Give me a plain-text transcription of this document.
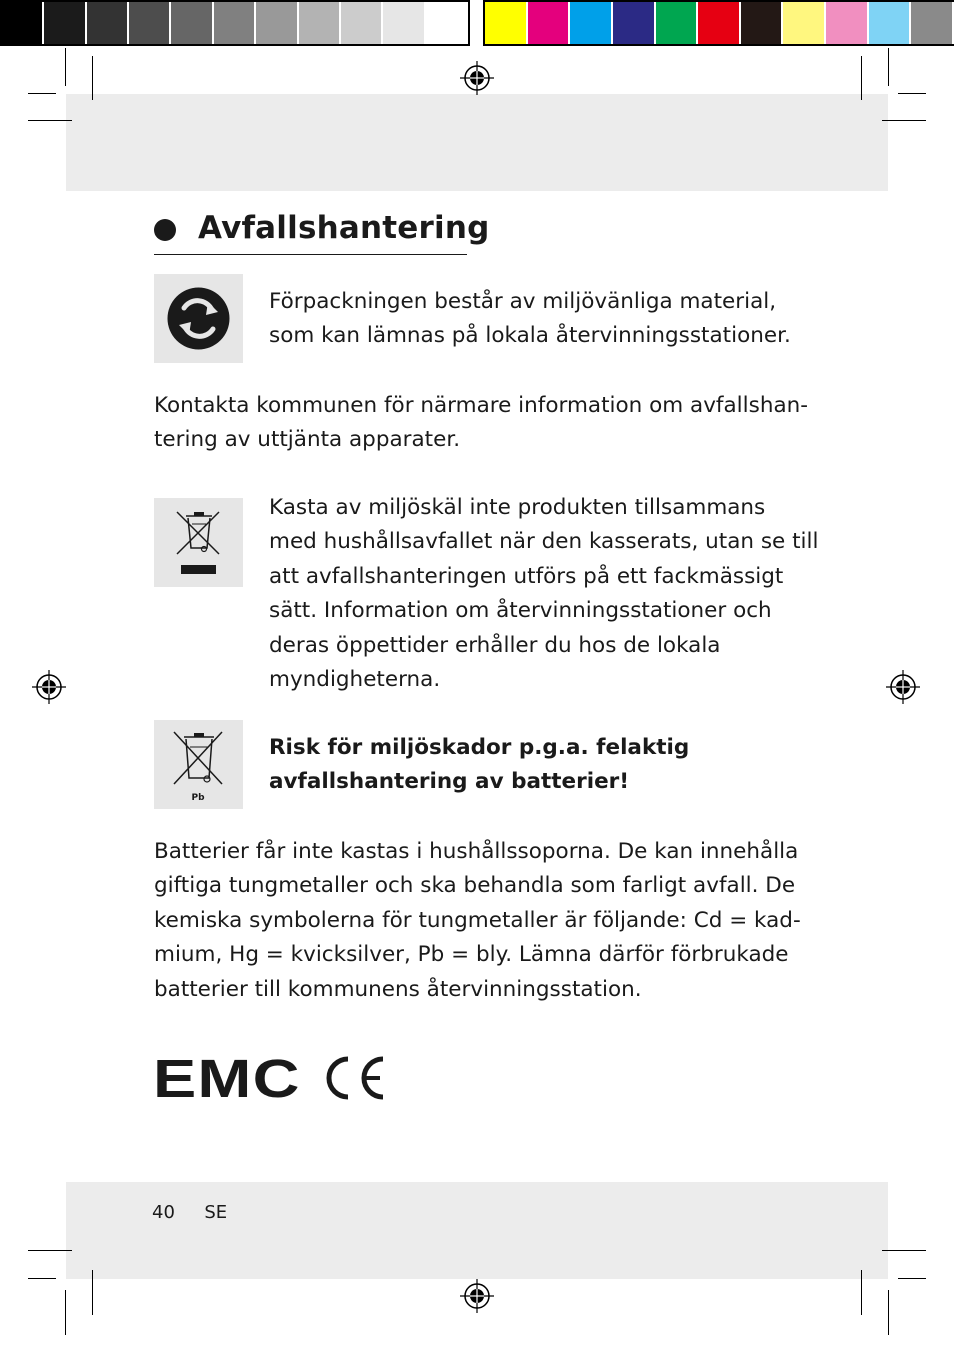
Avfallshantering
Förpackningen består av miljövänliga material,
som kan lämnas på lokala återvinningsstationer.
Kontakta kommunen för närmare information om avfallshan-
tering av uttjänta apparater.
Kasta av miljöskäl inte produkten tillsammans
med hushållsavfallet när den kasserats, utan se till
att avfallshanteringen utförs på ett fackmässigt
sätt. Information om återvinningsstationer och
deras öppettider erhåller du hos de lokala
myndigheterna.
Pb
Risk för miljöskador p.g.a. felaktig
avfallshantering av batterier!
Batterier får inte kastas i hushållssoporna. De kan innehålla
giftiga tungmetaller och ska behandla som farligt avfall. De
kemiska symbolerna för tungmetaller är följande: Cd = kad-
mium, Hg = kvicksilver, Pb = bly. Lämna därför förbrukade
batterier till kommunens återvinningsstation.
EMC
40 SE
